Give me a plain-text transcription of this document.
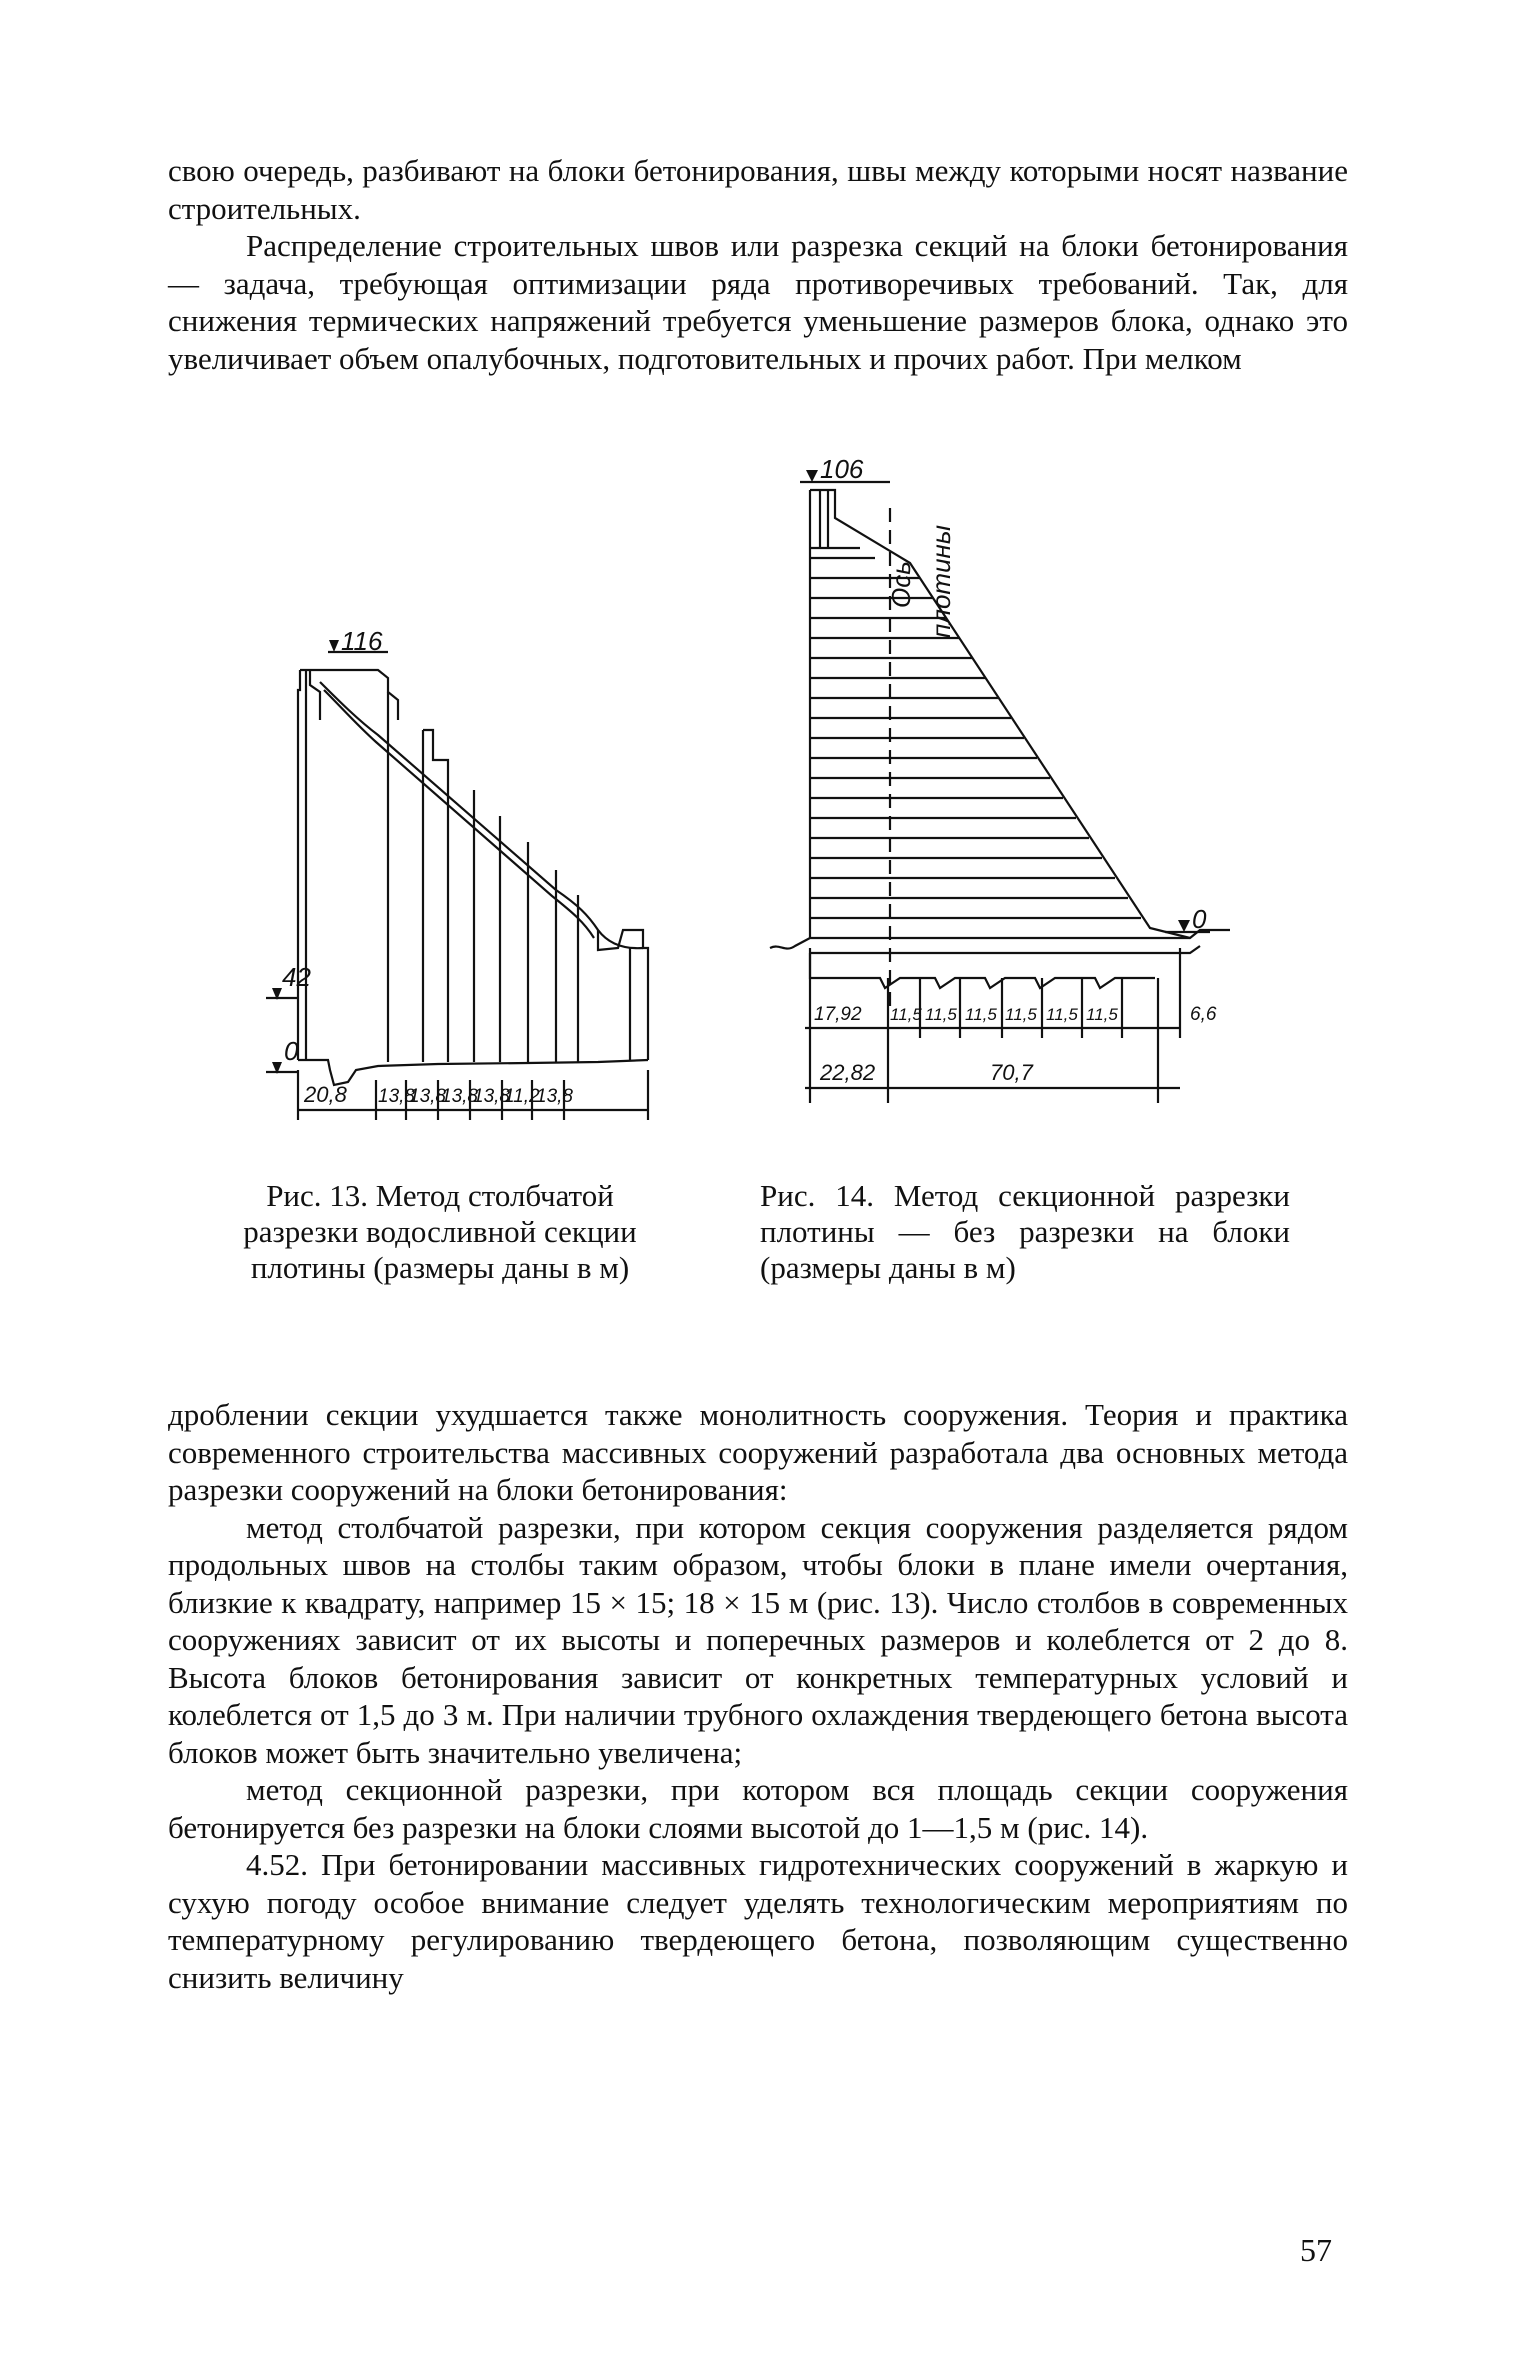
свою очередь, разбивают на блоки бетонирования, швы между которыми носят название строительных.

Распределение строительных швов или разрезка секций на блоки бетонирования — задача, требующая оптимизации ряда противоречивых требований. Так, для снижения термических напряжений требуется уменьшение размеров блока, однако это увеличивает объем опалубочных, подготовительных и прочих работ. При мелком

116
42
0
20,8 13,8
13,8
13,8
13,8
11,2
13,8
106
0
Ось плотины
17,92 11,5 11,5 11,5 11,5 11,5 11,5	6,6
22,82	70,7
Рис. 13. Метод столбчатой разрезки водосливной секции плотины (размеры даны в м)
Рис. 14. Метод секционной разрезки плотины — без разрезки на блоки (размеры даны в м)

дроблении секции ухудшается также монолитность сооружения. Теория и практика современного строительства массивных сооружений разработала два основных метода разрезки сооружений на блоки бетонирования:

метод столбчатой разрезки, при котором секция сооружения разделяется рядом продольных швов на столбы таким образом, чтобы блоки в плане имели очертания, близкие к квадрату, например 15 × 15; 18 × 15 м (рис. 13). Число столбов в современных сооружениях зависит от их высоты и поперечных размеров и колеблется от 2 до 8. Высота блоков бетонирования зависит от конкретных температурных условий и колеблется от 1,5 до 3 м. При наличии трубного охлаждения твердеющего бетона высота блоков может быть значительно увеличена;

метод секционной разрезки, при котором вся площадь секции сооружения бетонируется без разрезки на блоки слоями высотой до 1—1,5 м (рис. 14).

4.52. При бетонировании массивных гидротехнических сооружений в жаркую и сухую погоду особое внимание следует уделять технологическим мероприятиям по температурному регулированию твердеющего бетона, позволяющим существенно снизить величину

57
